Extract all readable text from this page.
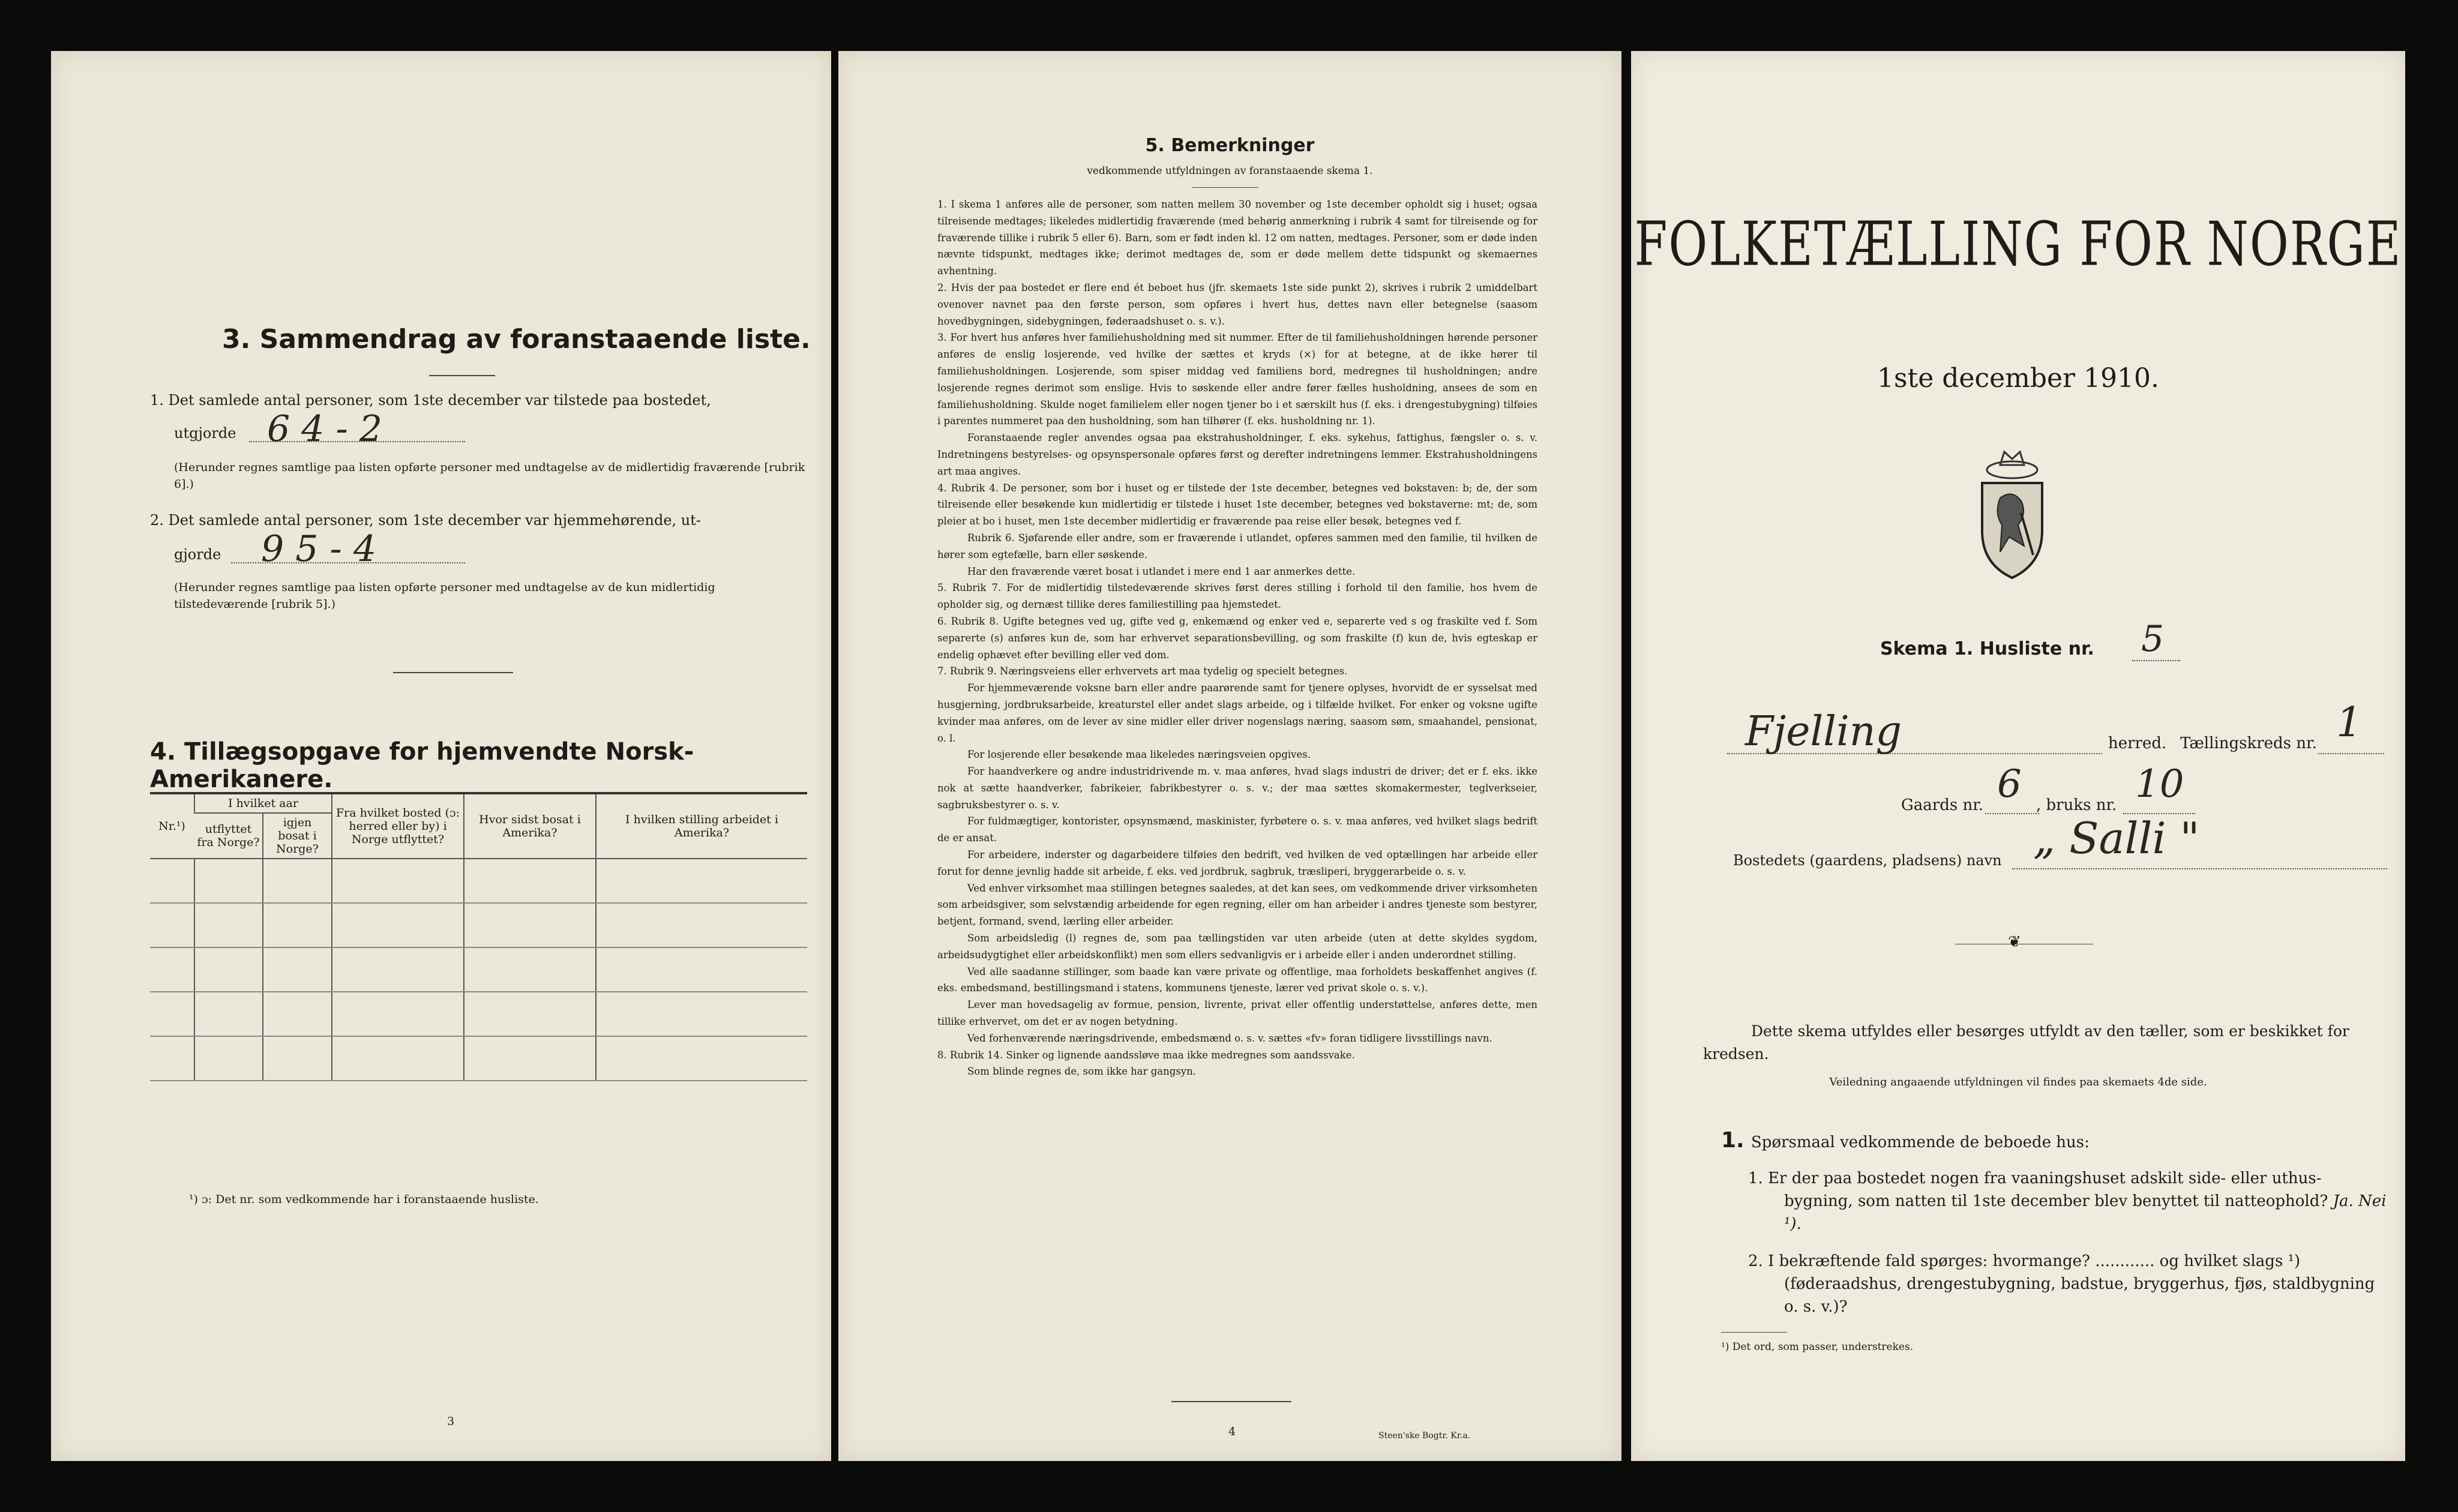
3. Sammendrag av foranstaaende liste.
1. Det samlede antal personer, som 1ste december var tilstede paa bostedet,
utgjorde 6 4 - 2
(Herunder regnes samtlige paa listen opførte personer med undtagelse av de midlertidig fraværende [rubrik 6].)
2. Det samlede antal personer, som 1ste december var hjemmehørende, ut-
gjorde 9 5 - 4
(Herunder regnes samtlige paa listen opførte personer med undtagelse av de kun midlertidig tilstedeværende [rubrik 5].)
4. Tillægsopgave for hjemvendte Norsk-Amerikanere.
Nr.¹)	I hvilket aar		Fra hvilket bosted (ɔ: herred eller by) i Norge utflyttet?	Hvor sidst bosat i Amerika?	I hvilken stilling arbeidet i Amerika?
	utflyttet fra Norge?	igjen bosat i Norge?			

¹) ɔ: Det nr. som vedkommende har i foranstaaende husliste.
3
5. Bemerkninger
vedkommende utfyldningen av foranstaaende skema 1.

1. I skema 1 anføres alle de personer, som natten mellem 30 november og 1ste december opholdt sig i huset; ogsaa tilreisende medtages; likeledes midlertidig fraværende (med behørig anmerkning i rubrik 4 samt for tilreisende og for fraværende tillike i rubrik 5 eller 6). Barn, som er født inden kl. 12 om natten, medtages. Personer, som er døde inden nævnte tidspunkt, medtages ikke; derimot medtages de, som er døde mellem dette tidspunkt og skemaernes avhentning.

2. Hvis der paa bostedet er flere end ét beboet hus (jfr. skemaets 1ste side punkt 2), skrives i rubrik 2 umiddelbart ovenover navnet paa den første person, som opføres i hvert hus, dettes navn eller betegnelse (saasom hovedbygningen, sidebygningen, føderaadshuset o. s. v.).

3. For hvert hus anføres hver familiehusholdning med sit nummer. Efter de til familiehusholdningen hørende personer anføres de enslig losjerende, ved hvilke der sættes et kryds (×) for at betegne, at de ikke hører til familiehusholdningen. Losjerende, som spiser middag ved familiens bord, medregnes til husholdningen; andre losjerende regnes derimot som enslige. Hvis to søskende eller andre fører fælles husholdning, ansees de som en familiehusholdning. Skulde noget familielem eller nogen tjener bo i et særskilt hus (f. eks. i drengestubygning) tilføies i parentes nummeret paa den husholdning, som han tilhører (f. eks. husholdning nr. 1).

Foranstaaende regler anvendes ogsaa paa ekstrahusholdninger, f. eks. sykehus, fattighus, fængsler o. s. v. Indretningens bestyrelses- og opsynspersonale opføres først og derefter indretningens lemmer. Ekstrahusholdningens art maa angives.

4. Rubrik 4. De personer, som bor i huset og er tilstede der 1ste december, betegnes ved bokstaven: b; de, der som tilreisende eller besøkende kun midlertidig er tilstede i huset 1ste december, betegnes ved bokstaverne: mt; de, som pleier at bo i huset, men 1ste december midlertidig er fraværende paa reise eller besøk, betegnes ved f.

Rubrik 6. Sjøfarende eller andre, som er fraværende i utlandet, opføres sammen med den familie, til hvilken de hører som egtefælle, barn eller søskende.

Har den fraværende været bosat i utlandet i mere end 1 aar anmerkes dette.

5. Rubrik 7. For de midlertidig tilstedeværende skrives først deres stilling i forhold til den familie, hos hvem de opholder sig, og dernæst tillike deres familiestilling paa hjemstedet.

6. Rubrik 8. Ugifte betegnes ved ug, gifte ved g, enkemænd og enker ved e, separerte ved s og fraskilte ved f. Som separerte (s) anføres kun de, som har erhvervet separationsbevilling, og som fraskilte (f) kun de, hvis egteskap er endelig ophævet efter bevilling eller ved dom.

7. Rubrik 9. Næringsveiens eller erhvervets art maa tydelig og specielt betegnes.

For hjemmeværende voksne barn eller andre paarørende samt for tjenere oplyses, hvorvidt de er sysselsat med husgjerning, jordbruksarbeide, kreaturstel eller andet slags arbeide, og i tilfælde hvilket. For enker og voksne ugifte kvinder maa anføres, om de lever av sine midler eller driver nogenslags næring, saasom søm, smaahandel, pensionat, o. l.

For losjerende eller besøkende maa likeledes næringsveien opgives.

For haandverkere og andre industridrivende m. v. maa anføres, hvad slags industri de driver; det er f. eks. ikke nok at sætte haandverker, fabrikeier, fabrikbestyrer o. s. v.; der maa sættes skomakermester, teglverkseier, sagbruksbestyrer o. s. v.

For fuldmægtiger, kontorister, opsynsmænd, maskinister, fyrbøtere o. s. v. maa anføres, ved hvilket slags bedrift de er ansat.

For arbeidere, inderster og dagarbeidere tilføies den bedrift, ved hvilken de ved optællingen har arbeide eller forut for denne jevnlig hadde sit arbeide, f. eks. ved jordbruk, sagbruk, træsliperi, bryggerarbeide o. s. v.

Ved enhver virksomhet maa stillingen betegnes saaledes, at det kan sees, om vedkommende driver virksomheten som arbeidsgiver, som selvstændig arbeidende for egen regning, eller om han arbeider i andres tjeneste som bestyrer, betjent, formand, svend, lærling eller arbeider.

Som arbeidsledig (l) regnes de, som paa tællingstiden var uten arbeide (uten at dette skyldes sygdom, arbeidsudygtighet eller arbeidskonflikt) men som ellers sedvanligvis er i arbeide eller i anden underordnet stilling.

Ved alle saadanne stillinger, som baade kan være private og offentlige, maa forholdets beskaffenhet angives (f. eks. embedsmand, bestillingsmand i statens, kommunens tjeneste, lærer ved privat skole o. s. v.).

Lever man hovedsagelig av formue, pension, livrente, privat eller offentlig understøttelse, anføres dette, men tillike erhvervet, om det er av nogen betydning.

Ved forhenværende næringsdrivende, embedsmænd o. s. v. sættes «fv» foran tidligere livsstillings navn.

8. Rubrik 14. Sinker og lignende aandssløve maa ikke medregnes som aandssvake.

Som blinde regnes de, som ikke har gangsyn.

4	Steen'ske Bogtr. Kr.a.
FOLKETÆLLING FOR NORGE
1ste december 1910.
Skema 1. Husliste nr. 5
Fjelling	herred. Tællingskreds nr. 1
Gaards nr. 6 , bruks nr. 10
Bostedets (gaardens, pladsens) navn „ Salli "
❦
Dette skema utfyldes eller besørges utfyldt av den tæller, som er beskikket for kredsen.
Veiledning angaaende utfyldningen vil findes paa skemaets 4de side.
1. Spørsmaal vedkommende de beboede hus:
1. Er der paa bostedet nogen fra vaaningshuset adskilt side- eller uthus-bygning, som natten til 1ste december blev benyttet til natteophold? Ja. Nei ¹).
2. I bekræftende fald spørges: hvormange? ............ og hvilket slags ¹) (føderaadshus, drengestubygning, badstue, bryggerhus, fjøs, staldbygning o. s. v.)?
¹) Det ord, som passer, understrekes.
